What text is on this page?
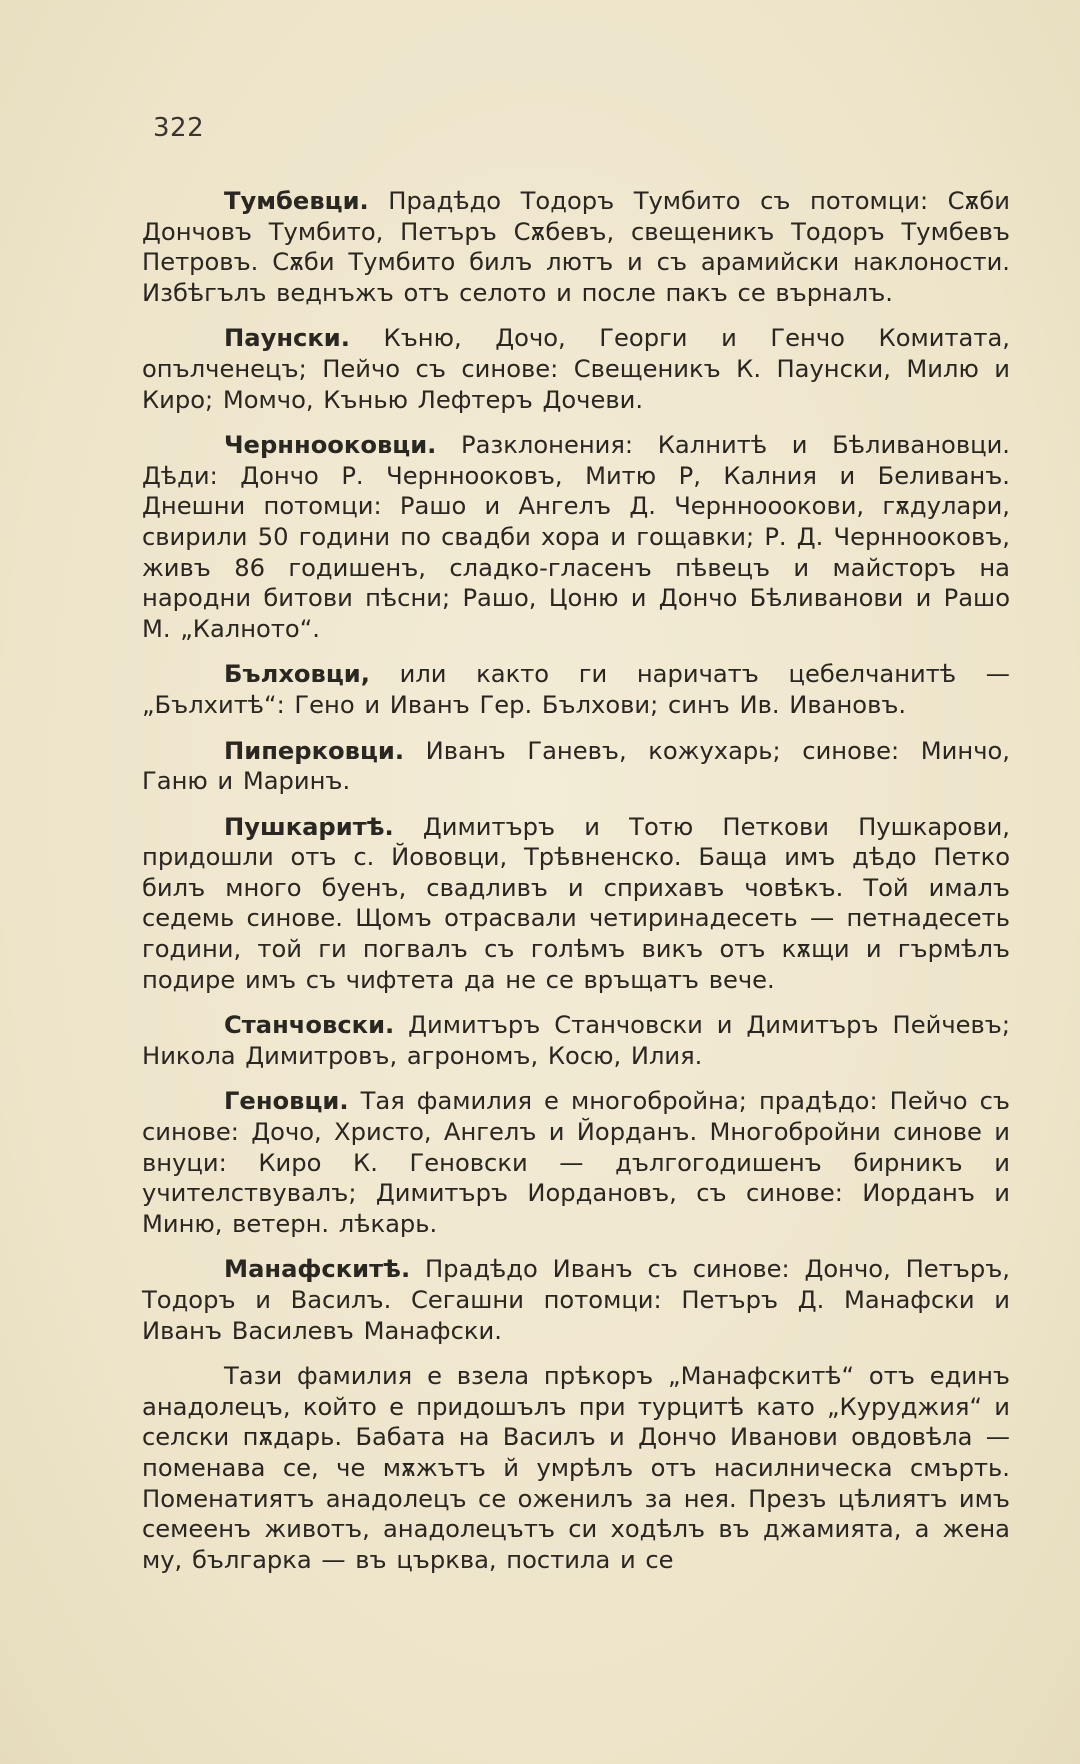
322

Тумбевци. Прадѣдо Тодоръ Тумбито съ потомци: Сѫби Дончовъ Тумбито, Петъръ Сѫбевъ, свещеникъ Тодоръ Тумбевъ Петровъ. Сѫби Тумбито билъ лютъ и съ арамийски наклоности. Избѣгълъ веднъжъ отъ селото и после пакъ се върналъ.

Паунски. Къню, Дочо, Георги и Генчо Комитата, опълченецъ; Пейчо съ синове: Свещеникъ К. Паунски, Милю и Киро; Момчо, Кънью Лефтеръ Дочеви.

Черннооковци. Разклонения: Калнитѣ и Бѣливановци. Дѣди: Дончо Р. Черннооковъ, Митю Р, Калния и Беливанъ. Днешни потомци: Рашо и Ангелъ Д. Черннооокови, гѫдулари, свирили 50 години по свадби хора и гощавки; Р. Д. Черннооковъ, живъ 86 годишенъ, сладко-гласенъ пѣвецъ и майсторъ на народни битови пѣсни; Рашо, Цоню и Дончо Бѣливанови и Рашо М. „Калното“.

Бълховци, или както ги наричатъ цебелчанитѣ — „Бълхитѣ“: Гено и Иванъ Гер. Бълхови; синъ Ив. Ивановъ.

Пиперковци. Иванъ Ганевъ, кожухарь; синове: Минчо, Ганю и Маринъ.

Пушкаритѣ. Димитъръ и Тотю Петкови Пушкарови, придошли отъ с. Йововци, Трѣвненско. Баща имъ дѣдо Петко билъ много буенъ, свадливъ и сприхавъ човѣкъ. Той ималъ седемь синове. Щомъ отрасвали четиринадесеть — петнадесеть години, той ги погвалъ съ голѣмъ викъ отъ кѫщи и гърмѣлъ подире имъ съ чифтета да не се връщатъ вече.

Станчовски. Димитъръ Станчовски и Димитъръ Пейчевъ; Никола Димитровъ, агрономъ, Косю, Илия.

Геновци. Тая фамилия е многобройна; прадѣдо: Пейчо съ синове: Дочо, Христо, Ангелъ и Йорданъ. Многобройни синове и внуци: Киро К. Геновски — дългогодишенъ бирникъ и учителствувалъ; Димитъръ Иордановъ, съ синове: Иорданъ и Миню, ветерн. лѣкарь.

Манафскитѣ. Прадѣдо Иванъ съ синове: Дончо, Петъръ, Тодоръ и Василъ. Сегашни потомци: Петъръ Д. Манафски и Иванъ Василевъ Манафски.

Тази фамилия е взела прѣкоръ „Манафскитѣ“ отъ единъ анадолецъ, който е придошълъ при турцитѣ като „Куруджия“ и селски пѫдарь. Бабата на Василъ и Дончо Иванови овдовѣла — поменава се, че мѫжътъ й умрѣлъ отъ насилническа смърть. Поменатиятъ анадолецъ се оженилъ за нея. Презъ цѣлиятъ имъ семеенъ животъ, анадолецътъ си ходѣлъ въ джамията, а жена му, българка — въ църква, постила и се
